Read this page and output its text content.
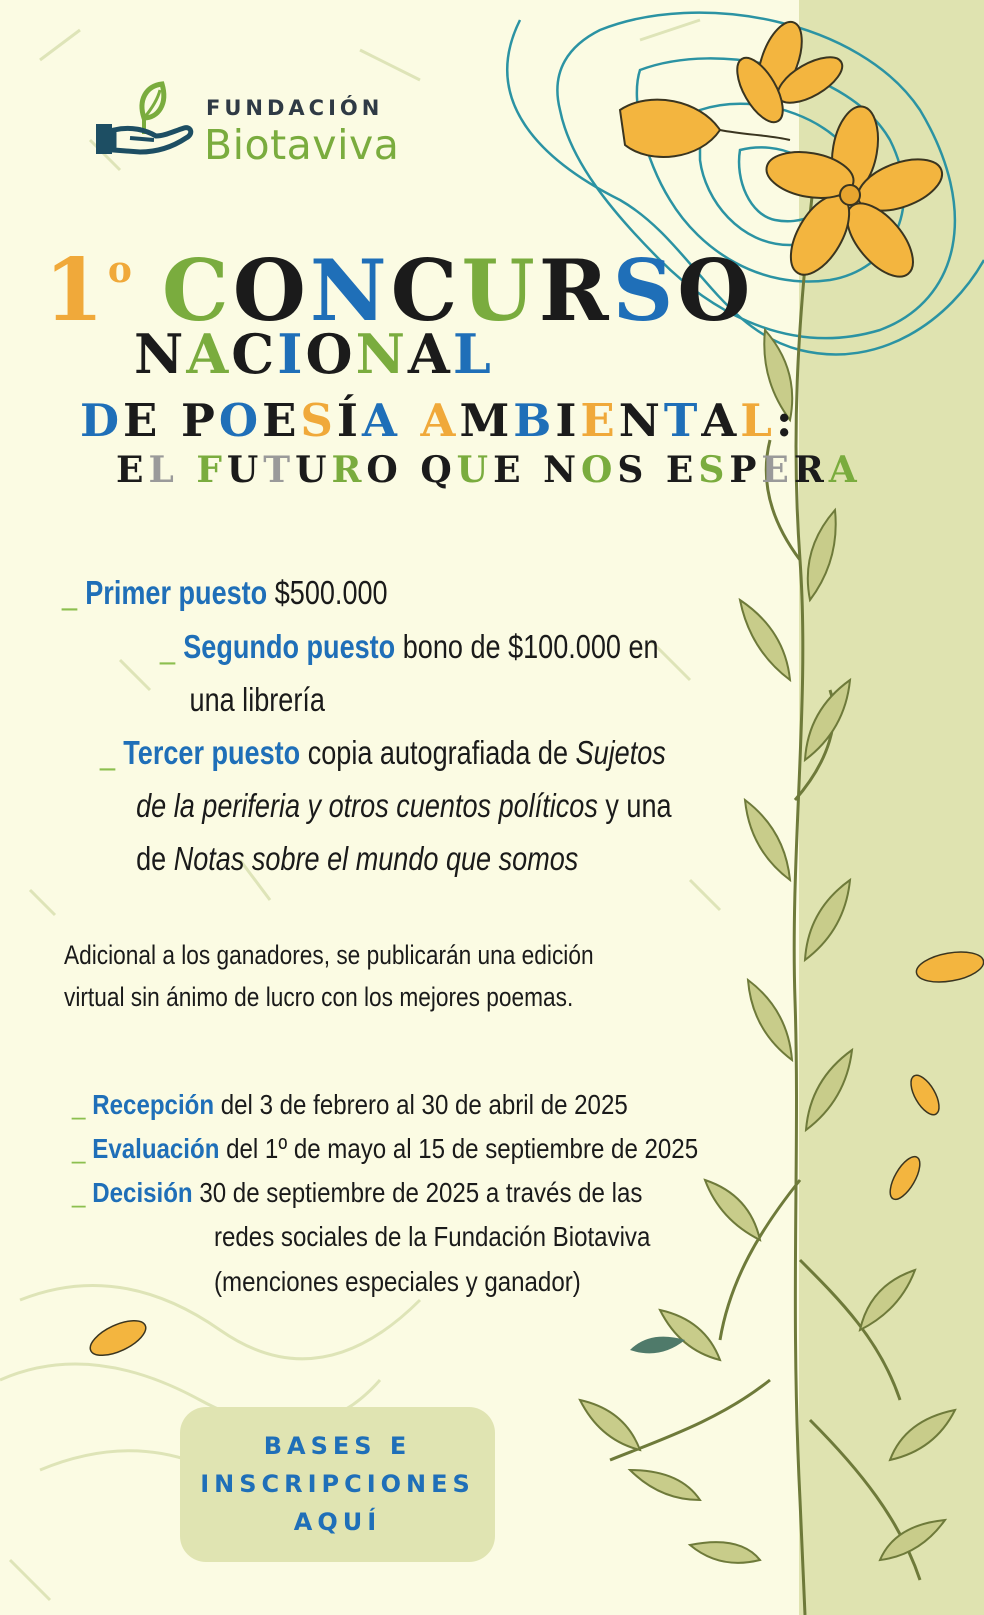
FUNDACIÓN
Biotaviva
1$^o$ CONCURSO
NACIONAL
DE POESÍA AMBIENTAL:
EL FUTURO QUE NOS ESPERA
_ Primer puesto $500.000
_ Segundo puesto bono de $100.000 en
una librería
_ Tercer puesto copia autografiada de Sujetos
de la periferia y otros cuentos políticos y una
de Notas sobre el mundo que somos
Adicional a los ganadores, se publicarán una edición
virtual sin ánimo de lucro con los mejores poemas.
_ Recepción del 3 de febrero al 30 de abril de 2025
_ Evaluación del 1º de mayo al 15 de septiembre de 2025
_ Decisión 30 de septiembre de 2025 a través de las
redes sociales de la Fundación Biotaviva
(menciones especiales y ganador)
BASES E
INSCRIPCIONES
AQUÍ
